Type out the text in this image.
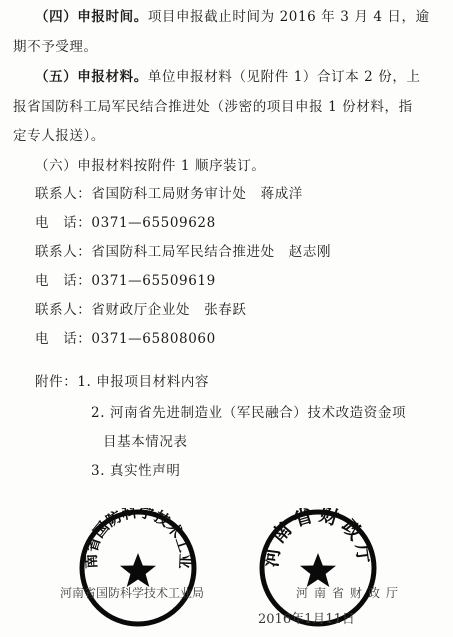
（四）申报时间。项目申报截止时间为 2016 年 3 月 4 日，逾
期不予受理。
（五）申报材料。单位申报材料（见附件 1）合订本 2 份，上
报省国防科工局军民结合推进处（涉密的项目申报 1 份材料，指
定专人报送）。
（六）申报材料按附件 1 顺序装订。
联系人：省国防科工局财务审计处　蒋成洋
电　话：0371—65509628
联系人：省国防科工局军民结合推进处　赵志刚
电　话：0371—65509619
联系人：省财政厅企业处　张春跃
电　话：0371—65808060
附件：1. 申报项目材料内容
2. 河南省先进制造业（军民融合）技术改造资金项
目基本情况表
3. 真实性声明
南省国防科学技术工业	河南省财政厅
河南省国防科学技术工业局	河南省财政厅
2016年1月11日
